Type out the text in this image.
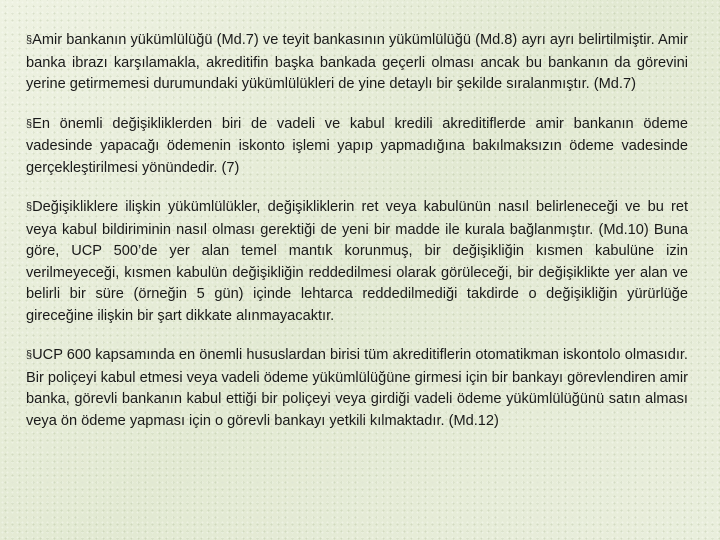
§Amir bankanın yükümlülüğü (Md.7) ve teyit bankasının yükümlülüğü (Md.8) ayrı ayrı belirtilmiştir. Amir banka ibrazı karşılamakla, akreditifin başka bankada geçerli olması ancak bu bankanın da görevini yerine getirmemesi durumundaki yükümlülükleri de yine detaylı bir şekilde sıralanmıştır. (Md.7)

§En önemli değişikliklerden biri de vadeli ve kabul kredili akreditiflerde amir bankanın ödeme vadesinde yapacağı ödemenin iskonto işlemi yapıp yapmadığına bakılmaksızın ödeme vadesinde gerçekleştirilmesi yönündedir. (7)

§Değişikliklere ilişkin yükümlülükler, değişikliklerin ret veya kabulünün nasıl belirleneceği ve bu ret veya kabul bildiriminin nasıl olması gerektiği de yeni bir madde ile kurala bağlanmıştır. (Md.10) Buna göre, UCP 500’de yer alan temel mantık korunmuş, bir değişikliğin kısmen kabulüne izin verilmeyeceği, kısmen kabulün değişikliğin reddedilmesi olarak görüleceği, bir değişiklikte yer alan ve belirli bir süre (örneğin 5 gün) içinde lehtarca reddedilmediği takdirde o değişikliğin yürürlüğe gireceğine ilişkin bir şart dikkate alınmayacaktır.

§UCP 600 kapsamında en önemli hususlardan birisi tüm akreditiflerin otomatikman iskontolo olmasıdır. Bir poliçeyi kabul etmesi veya vadeli ödeme yükümlülüğüne girmesi için bir bankayı görevlendiren amir banka, görevli bankanın kabul ettiği bir poliçeyi veya girdiği vadeli ödeme yükümlülüğünü satın alması veya ön ödeme yapması için o görevli bankayı yetkili kılmaktadır. (Md.12)
